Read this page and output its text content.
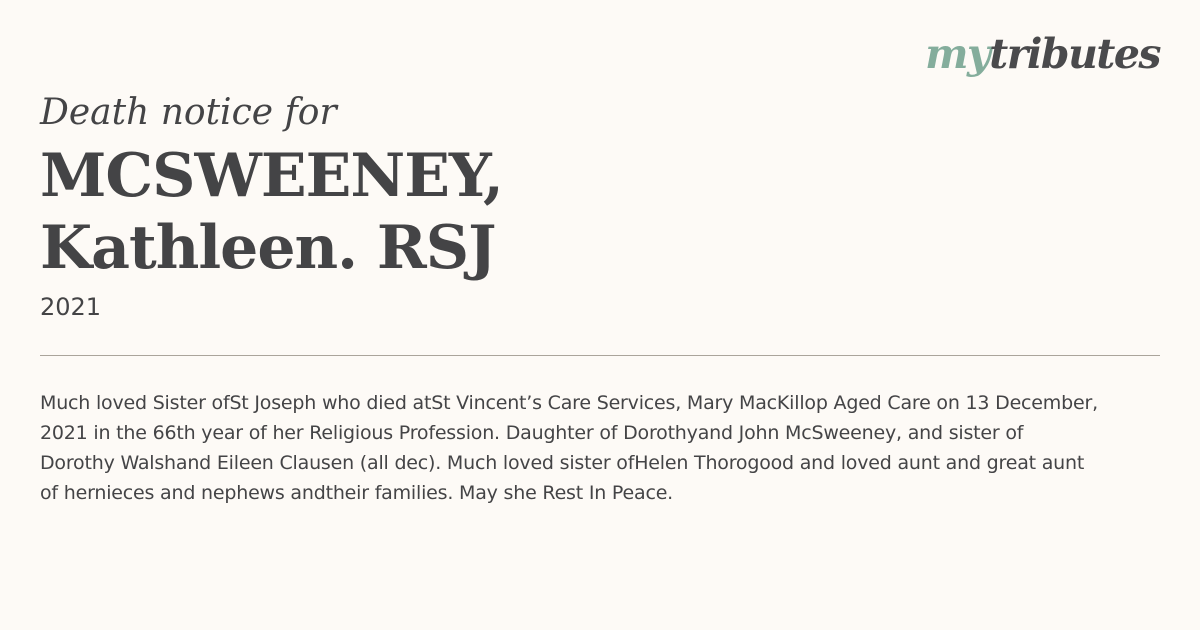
mytributes
Death notice for
MCSWEENEY,
Kathleen. RSJ
2021

Much loved Sister ofSt Joseph who died atSt Vincent’s Care Services, Mary MacKillop Aged Care on 13 December,
2021 in the 66th year of her Religious Profession. Daughter of Dorothyand John McSweeney, and sister of
Dorothy Walshand Eileen Clausen (all dec). Much loved sister ofHelen Thorogood and loved aunt and great aunt
of hernieces and nephews andtheir families. May she Rest In Peace.
